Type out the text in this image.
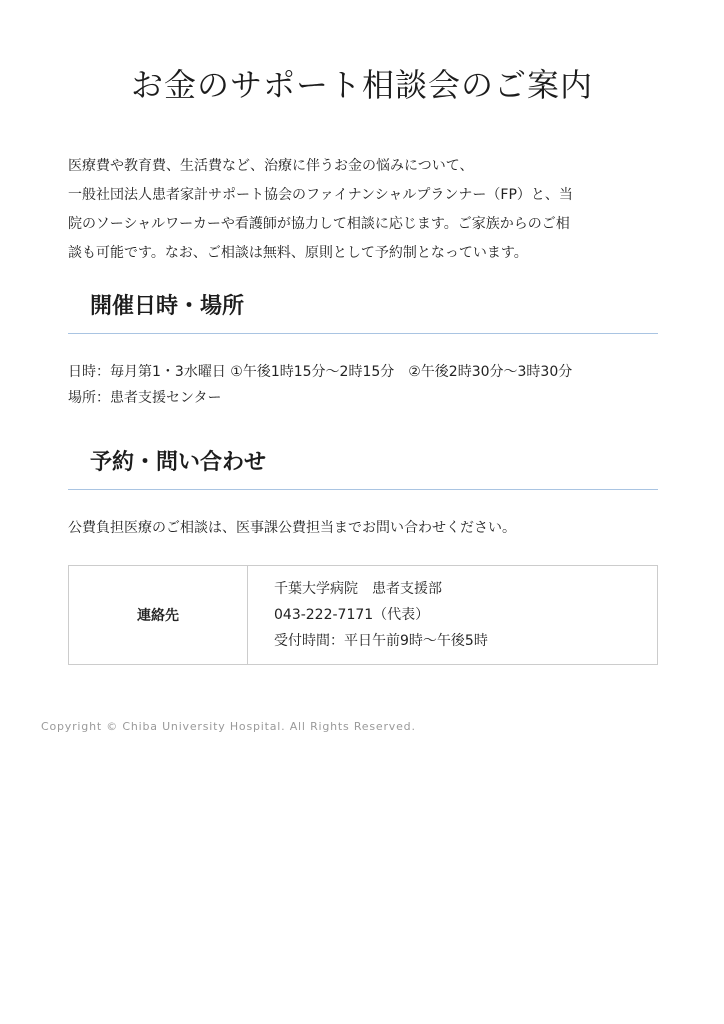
お金のサポート相談会のご案内

医療費や教育費、生活費など、治療に伴うお金の悩みについて、
一般社団法人患者家計サポート協会のファイナンシャルプランナー（FP）と、当
院のソーシャルワーカーや看護師が協力して相談に応じます。ご家族からのご相
談も可能です。なお、ご相談は無料、原則として予約制となっています。

開催日時・場所
日時：毎月第1・3水曜日 ①午後1時15分〜2時15分　②午後2時30分〜3時30分
場所：患者支援センター
予約・問い合わせ
公費負担医療のご相談は、医事課公費担当までお問い合わせください。
連絡先	
千葉大学病院　患者支援部
043-222-7171（代表）
受付時間：平日午前9時〜午後5時
Copyright © Chiba University Hospital. All Rights Reserved.
